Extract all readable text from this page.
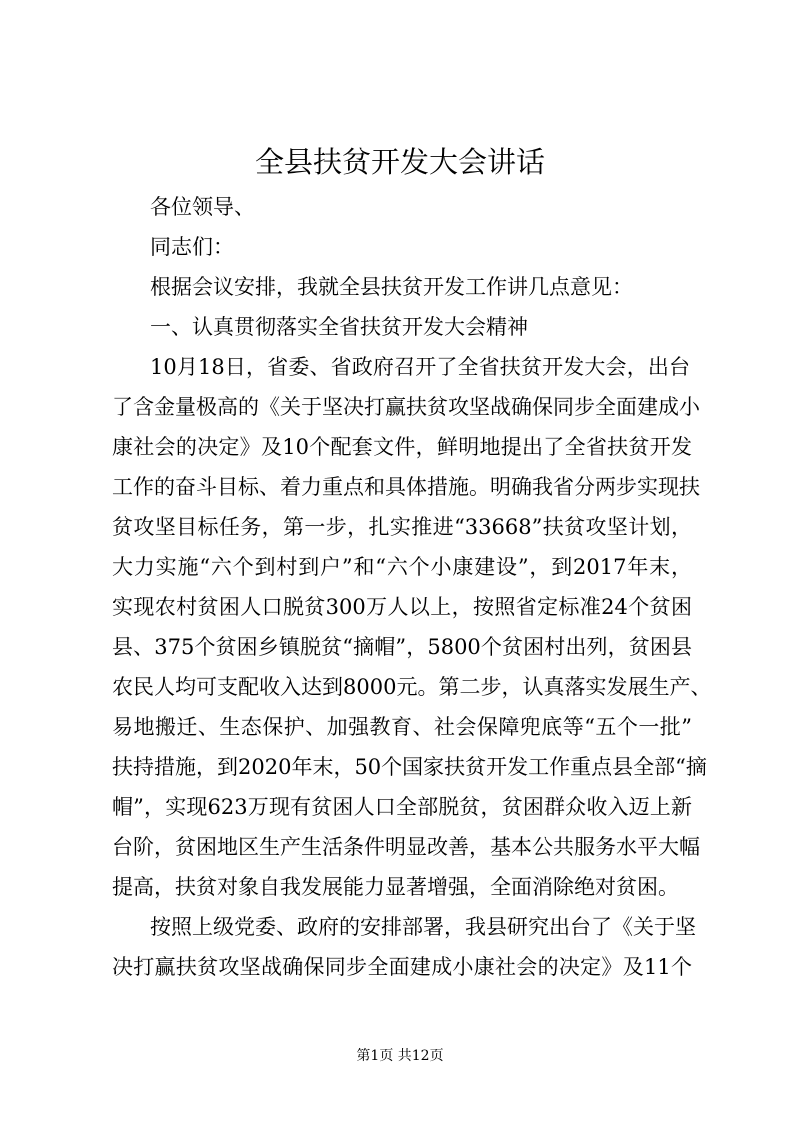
全县扶贫开发大会讲话
各位领导、
同志们：
根据会议安排，我就全县扶贫开发工作讲几点意见：
一、认真贯彻落实全省扶贫开发大会精神
10月18日，省委、省政府召开了全省扶贫开发大会，出台
了含金量极高的《关于坚决打赢扶贫攻坚战确保同步全面建成小
康社会的决定》及10个配套文件，鲜明地提出了全省扶贫开发
工作的奋斗目标、着力重点和具体措施。明确我省分两步实现扶
贫攻坚目标任务，第一步，扎实推进“33668”扶贫攻坚计划，
大力实施“六个到村到户”和“六个小康建设”，到2017年末，
实现农村贫困人口脱贫300万人以上，按照省定标准24个贫困
县、375个贫困乡镇脱贫“摘帽”，5800个贫困村出列，贫困县
农民人均可支配收入达到8000元。第二步，认真落实发展生产、
易地搬迁、生态保护、加强教育、社会保障兜底等“五个一批”
扶持措施，到2020年末，50个国家扶贫开发工作重点县全部“摘
帽”，实现623万现有贫困人口全部脱贫，贫困群众收入迈上新
台阶，贫困地区生产生活条件明显改善，基本公共服务水平大幅
提高，扶贫对象自我发展能力显著增强，全面消除绝对贫困。
按照上级党委、政府的安排部署，我县研究出台了《关于坚
决打赢扶贫攻坚战确保同步全面建成小康社会的决定》及11个
第1页 共12页
